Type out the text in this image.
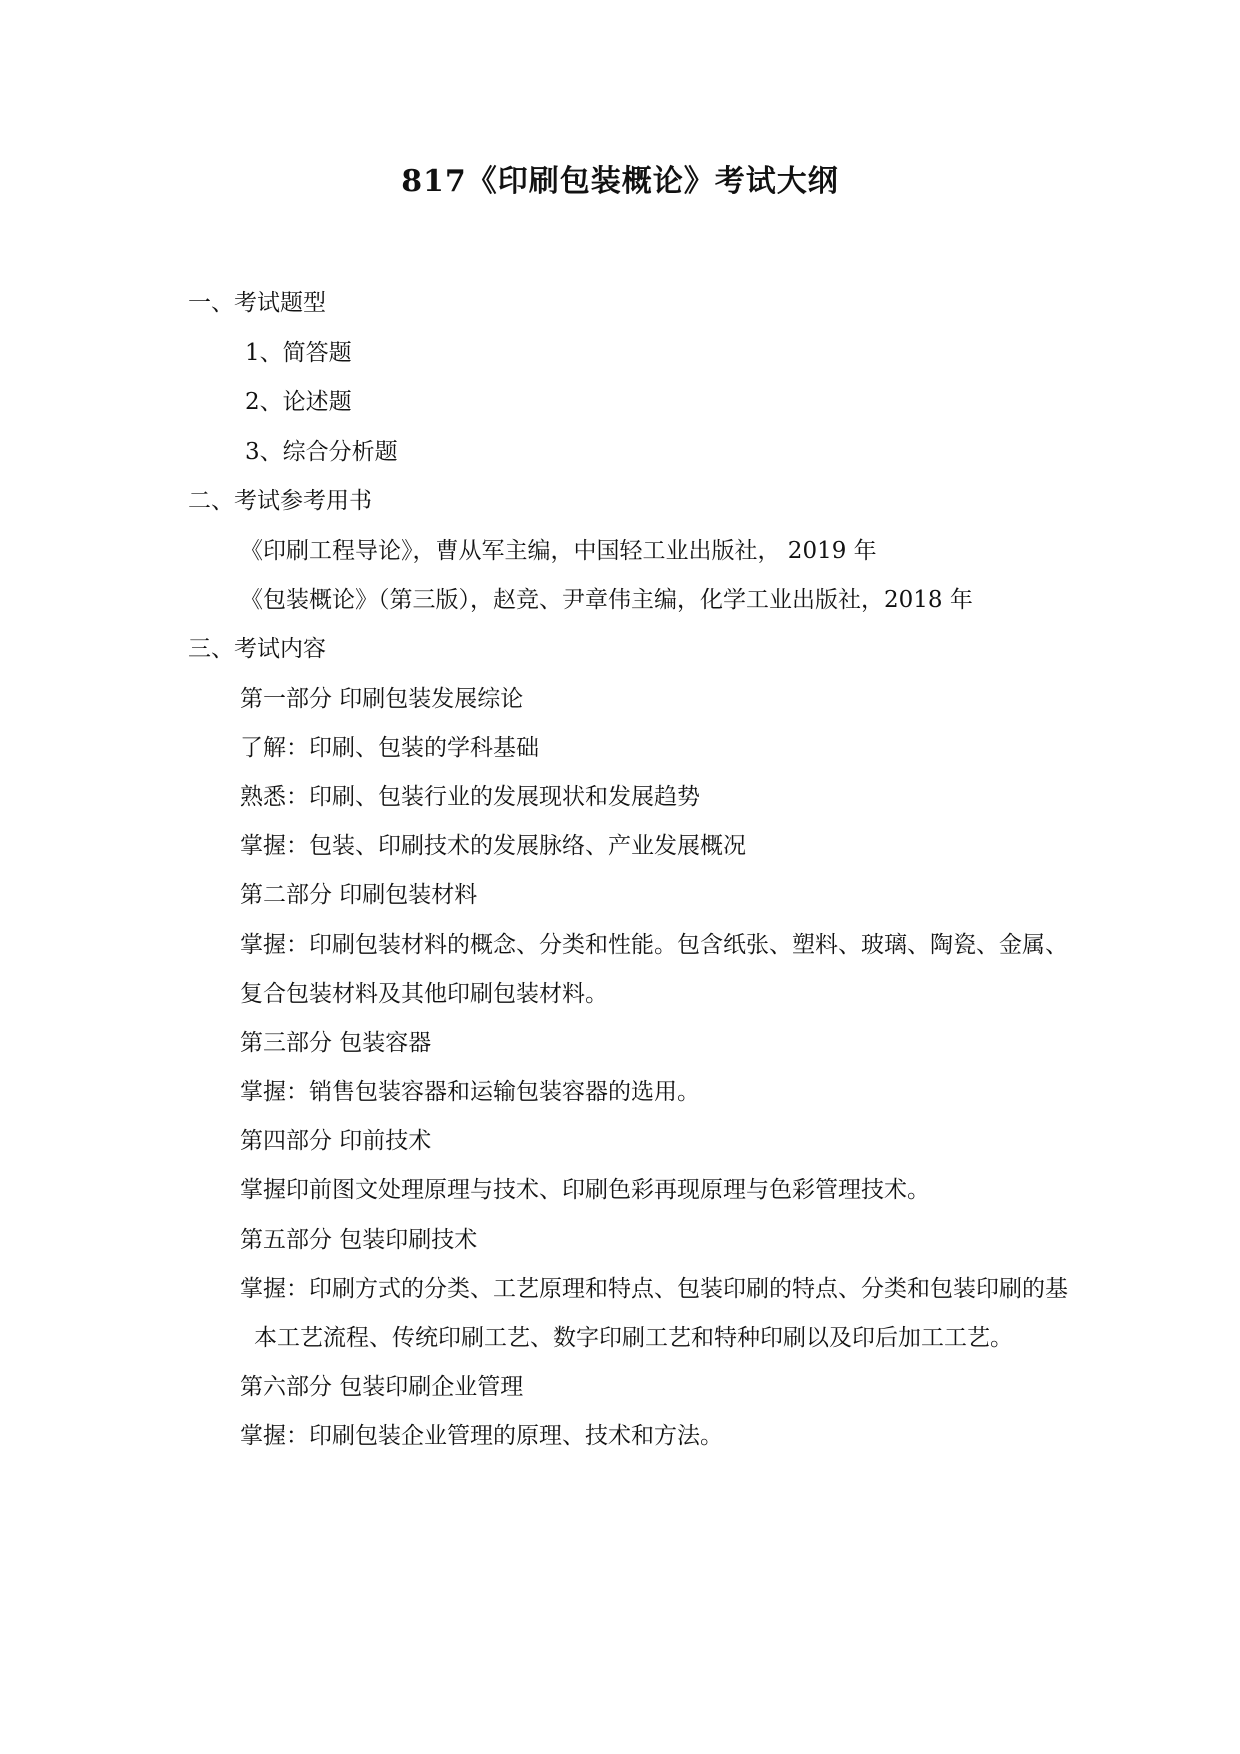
817《印刷包装概论》考试大纲
一、考试题型
1、简答题
2、论述题
3、综合分析题
二、考试参考用书
《印刷工程导论》，曹从军主编，中国轻工业出版社， 2019 年
《包装概论》（第三版），赵竞、尹章伟主编，化学工业出版社，2018 年
三、考试内容
第一部分 印刷包装发展综论
了解：印刷、包装的学科基础
熟悉：印刷、包装行业的发展现状和发展趋势
掌握：包装、印刷技术的发展脉络、产业发展概况
第二部分 印刷包装材料
掌握：印刷包装材料的概念、分类和性能。包含纸张、塑料、玻璃、陶瓷、金属、
复合包装材料及其他印刷包装材料。
第三部分 包装容器
掌握：销售包装容器和运输包装容器的选用。
第四部分 印前技术
掌握印前图文处理原理与技术、印刷色彩再现原理与色彩管理技术。
第五部分 包装印刷技术
掌握：印刷方式的分类、工艺原理和特点、包装印刷的特点、分类和包装印刷的基
本工艺流程、传统印刷工艺、数字印刷工艺和特种印刷以及印后加工工艺。
第六部分 包装印刷企业管理
掌握：印刷包装企业管理的原理、技术和方法。
